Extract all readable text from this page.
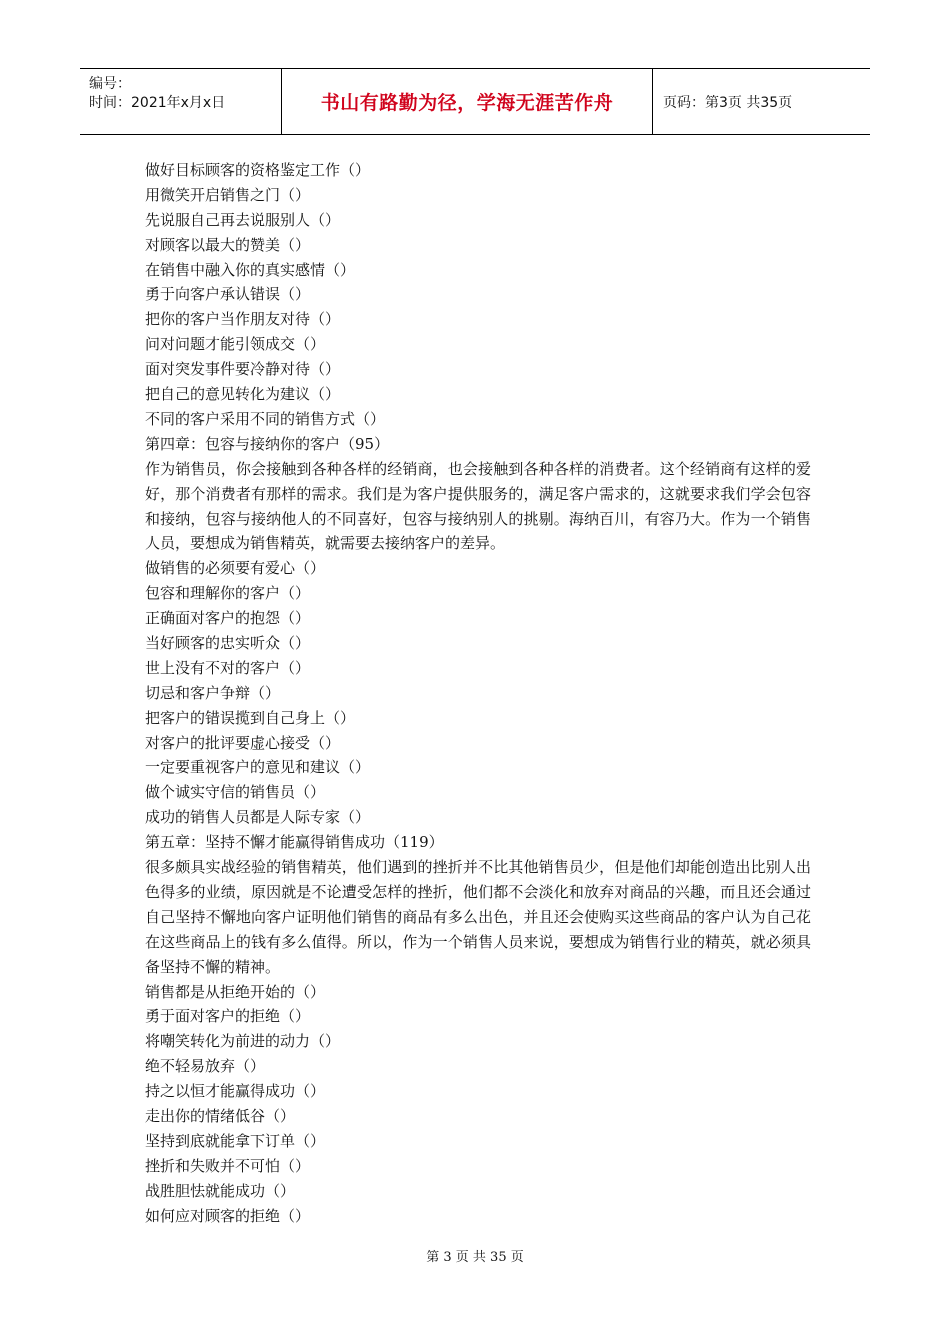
编号：
时间：2021年x月x日	书山有路勤为径，学海无涯苦作舟	页码：第3页 共35页
做好目标顾客的资格鉴定工作（）
用微笑开启销售之门（）
先说服自己再去说服别人（）
对顾客以最大的赞美（）
在销售中融入你的真实感情（）
勇于向客户承认错误（）
把你的客户当作朋友对待（）
问对问题才能引领成交（）
面对突发事件要冷静对待（）
把自己的意见转化为建议（）
不同的客户采用不同的销售方式（）
第四章：包容与接纳你的客户（95）
作为销售员，你会接触到各种各样的经销商，也会接触到各种各样的消费者。这个经销商有这样的爱好，那个消费者有那样的需求。我们是为客户提供服务的，满足客户需求的，这就要求我们学会包容和接纳，包容与接纳他人的不同喜好，包容与接纳别人的挑剔。海纳百川，有容乃大。作为一个销售人员，要想成为销售精英，就需要去接纳客户的差异。
做销售的必须要有爱心（）
包容和理解你的客户（）
正确面对客户的抱怨（）
当好顾客的忠实听众（）
世上没有不对的客户（）
切忌和客户争辩（）
把客户的错误揽到自己身上（）
对客户的批评要虚心接受（）
一定要重视客户的意见和建议（）
做个诚实守信的销售员（）
成功的销售人员都是人际专家（）
第五章：坚持不懈才能赢得销售成功（119）
很多颇具实战经验的销售精英，他们遇到的挫折并不比其他销售员少，但是他们却能创造出比别人出色得多的业绩，原因就是不论遭受怎样的挫折，他们都不会淡化和放弃对商品的兴趣，而且还会通过自己坚持不懈地向客户证明他们销售的商品有多么出色，并且还会使购买这些商品的客户认为自己花在这些商品上的钱有多么值得。所以，作为一个销售人员来说，要想成为销售行业的精英，就必须具备坚持不懈的精神。
销售都是从拒绝开始的（）
勇于面对客户的拒绝（）
将嘲笑转化为前进的动力（）
绝不轻易放弃（）
持之以恒才能赢得成功（）
走出你的情绪低谷（）
坚持到底就能拿下订单（）
挫折和失败并不可怕（）
战胜胆怯就能成功（）
如何应对顾客的拒绝（）
第 3 页 共 35 页
